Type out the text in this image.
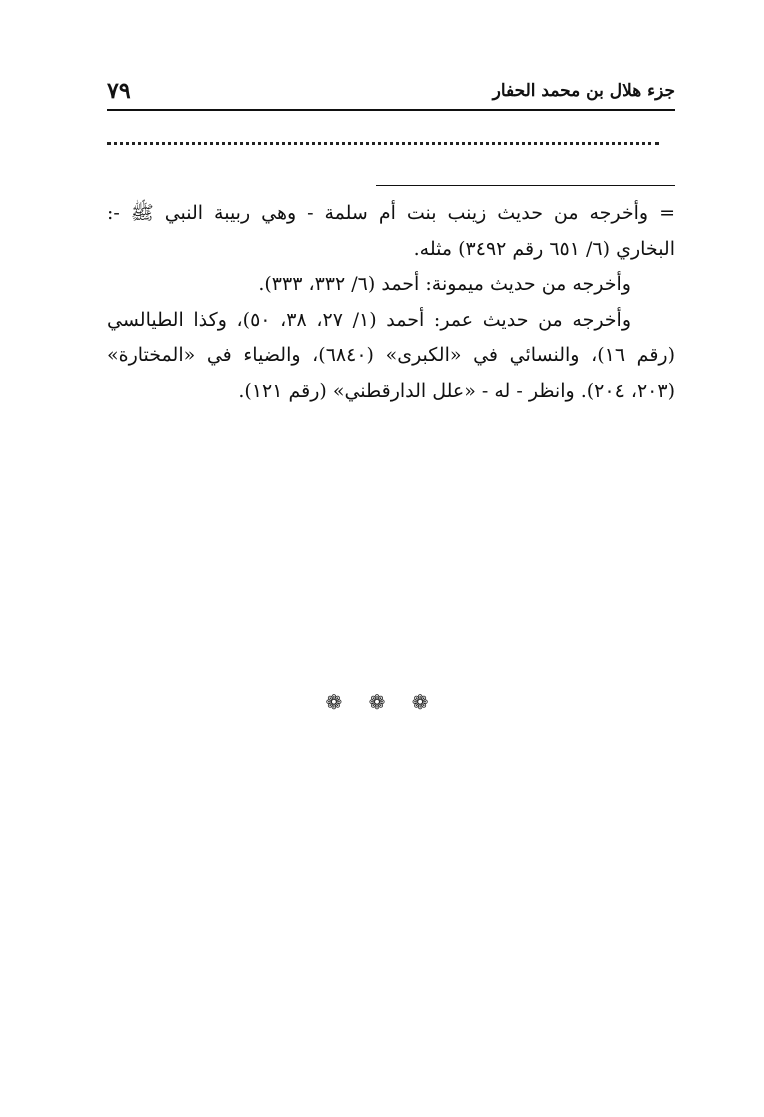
٧٩	جزء هلال بن محمد الحفار

= وأخرجه من حديث زينب بنت أم سلمة - وهي ربيبة النبي ﷺ -: البخاري (٦/ ٦٥١ رقم ٣٤٩٢) مثله.

وأخرجه من حديث ميمونة: أحمد (٦/ ٣٣٢، ٣٣٣).

وأخرجه من حديث عمر: أحمد (١/ ٢٧، ٣٨، ٥٠)، وكذا الطيالسي (رقم ١٦)، والنسائي في «الكبرى» (٦٨٤٠)، والضياء في «المختارة» (٢٠٣، ٢٠٤). وانظر - له - «علل الدارقطني» (رقم ١٢١).

❁ ❁ ❁
